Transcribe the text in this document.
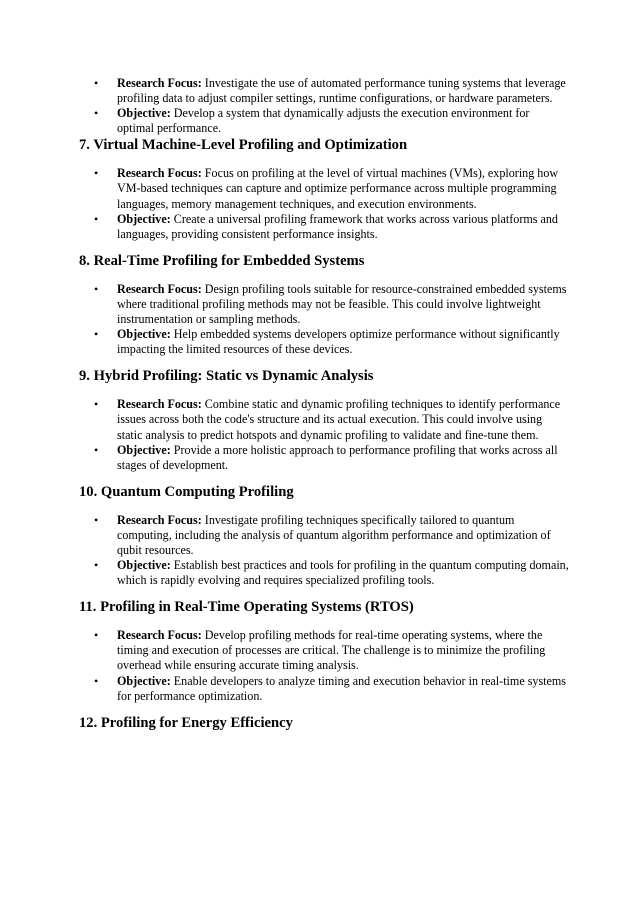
• Research Focus: Investigate the use of automated performance tuning systems that leverage profiling data to adjust compiler settings, runtime configurations, or hardware parameters.
• Objective: Develop a system that dynamically adjusts the execution environment for optimal performance.
7. Virtual Machine-Level Profiling and Optimization
• Research Focus: Focus on profiling at the level of virtual machines (VMs), exploring how VM-based techniques can capture and optimize performance across multiple programming languages, memory management techniques, and execution environments.
• Objective: Create a universal profiling framework that works across various platforms and languages, providing consistent performance insights.
8. Real-Time Profiling for Embedded Systems
• Research Focus: Design profiling tools suitable for resource-constrained embedded systems where traditional profiling methods may not be feasible. This could involve lightweight instrumentation or sampling methods.
• Objective: Help embedded systems developers optimize performance without significantly impacting the limited resources of these devices.
9. Hybrid Profiling: Static vs Dynamic Analysis
• Research Focus: Combine static and dynamic profiling techniques to identify performance issues across both the code's structure and its actual execution. This could involve using static analysis to predict hotspots and dynamic profiling to validate and fine-tune them.
• Objective: Provide a more holistic approach to performance profiling that works across all stages of development.
10. Quantum Computing Profiling
• Research Focus: Investigate profiling techniques specifically tailored to quantum computing, including the analysis of quantum algorithm performance and optimization of qubit resources.
• Objective: Establish best practices and tools for profiling in the quantum computing domain, which is rapidly evolving and requires specialized profiling tools.
11. Profiling in Real-Time Operating Systems (RTOS)
• Research Focus: Develop profiling methods for real-time operating systems, where the timing and execution of processes are critical. The challenge is to minimize the profiling overhead while ensuring accurate timing analysis.
• Objective: Enable developers to analyze timing and execution behavior in real-time systems for performance optimization.
12. Profiling for Energy Efficiency
